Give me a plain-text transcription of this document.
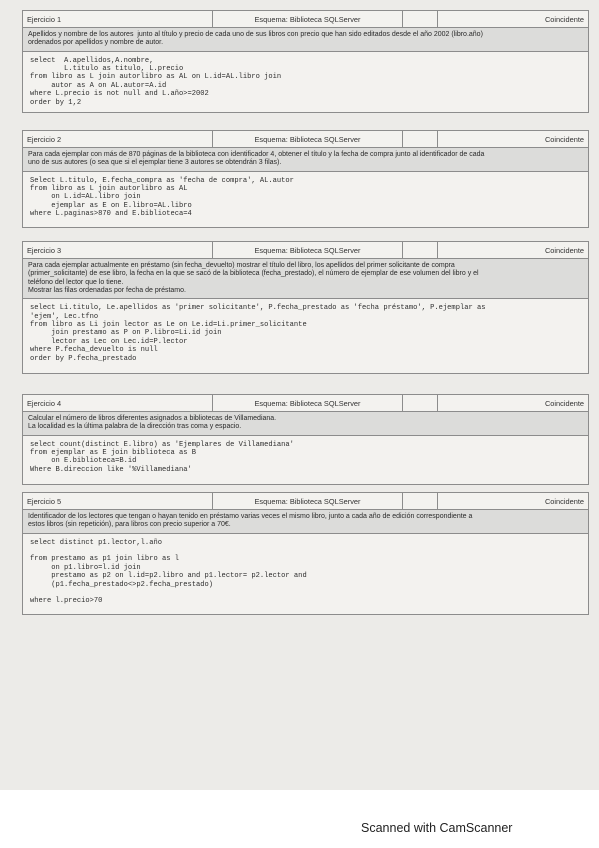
Ejercicio 1	Esquema: Biblioteca SQLServer	Coincidente
Apellidos y nombre de los autores  junto al título y precio de cada uno de sus libros con precio que han sido editados desde el año 2002 (libro.año)
ordenados por apellidos y nombre de autor.
select  A.apellidos,A.nombre,
L.titulo as titulo, L.precio
from libro as L join autorlibro as AL on L.id=AL.libro join
autor as A on AL.autor=A.id
where L.precio is not null and L.año>=2002
order by 1,2
Ejercicio 2	Esquema: Biblioteca SQLServer	Coincidente
Para cada ejemplar con más de 870 páginas de la biblioteca con identificador 4, obtener el título y la fecha de compra junto al identificador de cada
uno de sus autores (o sea que si el ejemplar tiene 3 autores se obtendrán 3 filas).
Select L.titulo, E.fecha_compra as 'fecha de compra', AL.autor
from libro as L join autorlibro as AL
on L.id=AL.libro join
ejemplar as E on E.libro=AL.libro
where L.paginas>870 and E.biblioteca=4
Ejercicio 3	Esquema: Biblioteca SQLServer	Coincidente
Para cada ejemplar actualmente en préstamo (sin fecha_devuelto) mostrar el título del libro, los apellidos del primer solicitante de compra
(primer_solicitante) de ese libro, la fecha en la que se sacó de la biblioteca (fecha_prestado), el número de ejemplar de ese volumen del libro y el
teléfono del lector que lo tiene.
Mostrar las filas ordenadas por fecha de préstamo.
select Li.titulo, Le.apellidos as 'primer solicitante', P.fecha_prestado as 'fecha préstamo', P.ejemplar as
'ejem', Lec.tfno
from libro as Li join lector as Le on Le.id=Li.primer_solicitante
join prestamo as P on P.libro=Li.id join
lector as Lec on Lec.id=P.lector
where P.fecha_devuelto is null
order by P.fecha_prestado
Ejercicio 4	Esquema: Biblioteca SQLServer	Coincidente
Calcular el número de libros diferentes asignados a bibliotecas de Villamediana.
La localidad es la última palabra de la dirección tras coma y espacio.
select count(distinct E.libro) as 'Ejemplares de Villamediana'
from ejemplar as E join biblioteca as B
on E.biblioteca=B.id
Where B.direccion like '%Villamediana'
Ejercicio 5	Esquema: Biblioteca SQLServer	Coincidente
Identificador de los lectores que tengan o hayan tenido en préstamo varias veces el mismo libro, junto a cada año de edición correspondiente a
estos libros (sin repetición), para libros con precio superior a 70€.
select distinct p1.lector,l.año

from prestamo as p1 join libro as l
on p1.libro=l.id join
prestamo as p2 on l.id=p2.libro and p1.lector= p2.lector and
(p1.fecha_prestado<>p2.fecha_prestado)

where l.precio>70
Scanned with CamScanner
